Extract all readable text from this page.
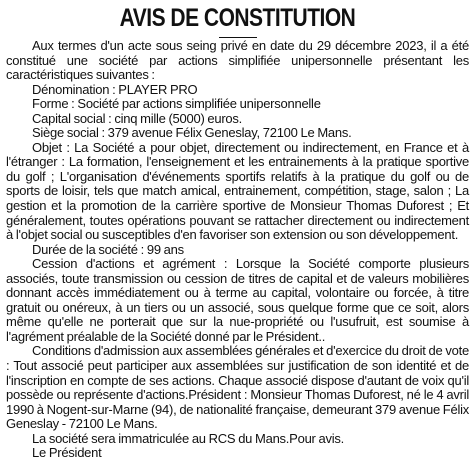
AVIS DE CONSTITUTION

Aux termes d'un acte sous seing privé en date du 29 décembre 2023, il a été constitué une société par actions simplifiée unipersonnelle présentant les caractéristiques suivantes :

Dénomination : PLAYER PRO

Forme : Société par actions simplifiée unipersonnelle

Capital social : cinq mille (5000) euros.

Siège social : 379 avenue Félix Geneslay, 72100 Le Mans.

Objet : La Société a pour objet, directement ou indirectement, en France et à l'étranger : La formation, l'enseignement et les entrainements à la pratique sportive du golf ; L'organisation d'événements sportifs relatifs à la pratique du golf ou de sports de loisir, tels que match amical, entrainement, compétition, stage, salon ; La gestion et la promotion de la carrière sportive de Monsieur Thomas Duforest ; Et généralement, toutes opérations pouvant se rattacher directement ou indirectement à l'objet social ou susceptibles d'en favoriser son extension ou son développement.

Durée de la société : 99 ans

Cession d'actions et agrément : Lorsque la Société comporte plusieurs associés, toute transmission ou cession de titres de capital et de valeurs mobilières donnant accès immédiatement ou à terme au capital, volontaire ou forcée, à titre gratuit ou onéreux, à un tiers ou un associé, sous quelque forme que ce soit, alors même qu'elle ne porterait que sur la nue-propriété ou l'usufruit, est soumise à l'agrément préalable de la Société donné par le Président..

Conditions d'admission aux assemblées générales et d'exercice du droit de vote : Tout associé peut participer aux assemblées sur justification de son identité et de l'inscription en compte de ses actions. Chaque associé dispose d'autant de voix qu'il possède ou représente d'actions.Président : Monsieur Thomas Duforest, né le 4 avril 1990 à Nogent-sur-Marne (94), de nationalité française, demeurant 379 avenue Félix Geneslay - 72100 Le Mans.

La société sera immatriculée au RCS du Mans.Pour avis.

Le Président
